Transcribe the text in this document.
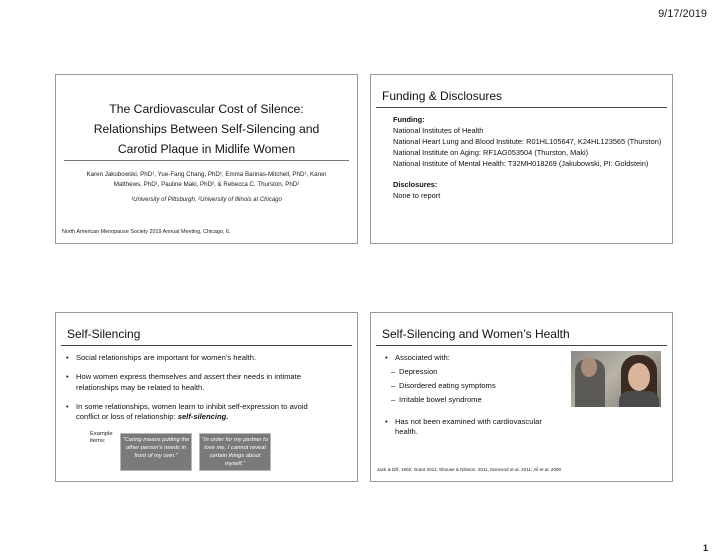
9/17/2019
The Cardiovascular Cost of Silence:
Relationships Between Self-Silencing and
Carotid Plaque in Midlife Women
Karen Jakubowski, PhD¹, Yue-Fang Chang, PhD¹, Emma Barinas-Mitchell, PhD¹, Karen
Matthews, PhD¹, Pauline Maki, PhD², & Rebecca C. Thurston, PhD¹
¹University of Pittsburgh, ²University of Illinois at Chicago
North American Menopause Society 2019 Annual Meeting, Chicago, IL
Funding & Disclosures
Funding:
National Institutes of Health
National Heart Lung and Blood Institute: R01HL105647, K24HL123565 (Thurston)
National Institute on Aging: RF1AG053504 (Thurston, Maki)
National Institute of Mental Health: T32MH018269 (Jakubowski, PI: Goldstein)
Disclosures:
None to report
Self-Silencing
• Social relationships are important for women’s health.
• How women express themselves and assert their needs in intimate relationships may be related to health.
• In some relationships, women learn to inhibit self-expression to avoid conflict or loss of relationship: self-silencing.
Example
items:	“Caring means putting the other person’s needs in front of my own.”
“In order for my partner to love me, I cannot reveal certain things about myself.”
Self-Silencing and Women’s Health
• Associated with:
– Depression
– Disordered eating symptoms
– Irritable bowel syndrome
• Has not been examined with cardiovascular health.
Jack & Dill, 1992; Grant 2011; Shouse & Nilsson, 2011, Norwood et al. 2011; Ali et al. 2000
1
